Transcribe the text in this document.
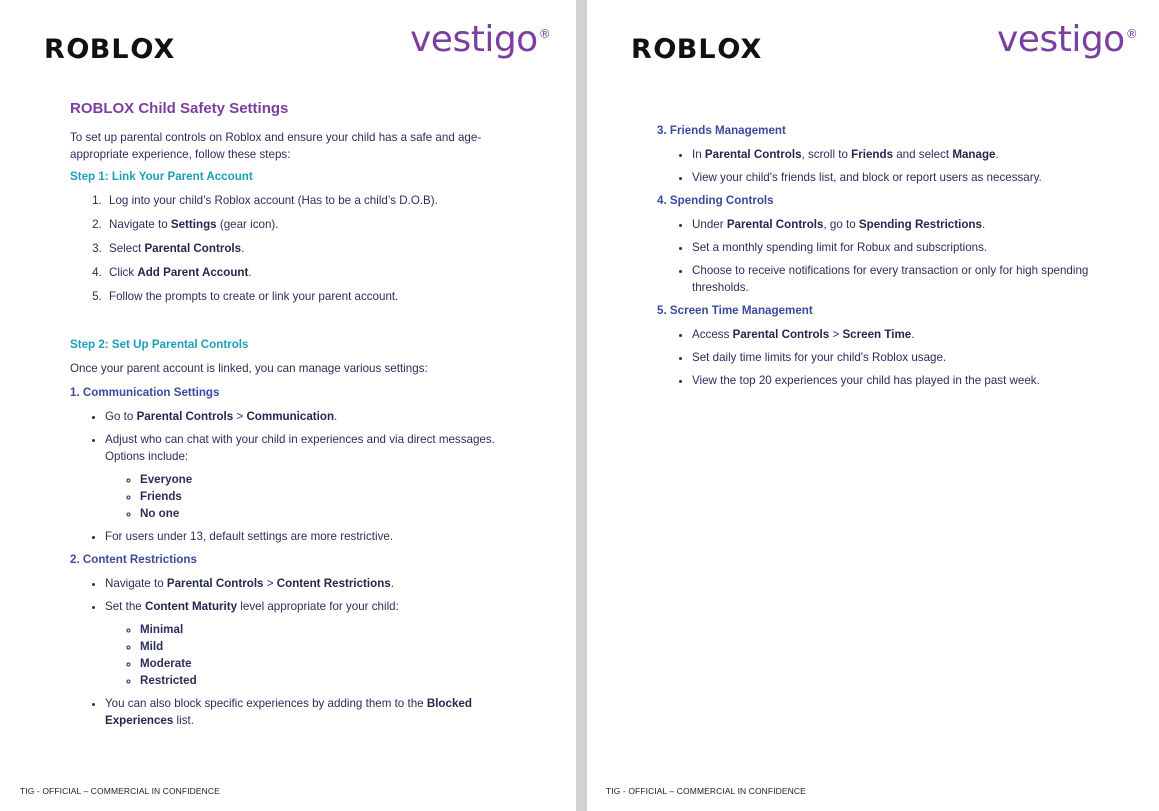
ROBLOX	vestigo®
ROBLOX Child Safety Settings

To set up parental controls on Roblox and ensure your child has a safe and age-appropriate experience, follow these steps:

Step 1: Link Your Parent Account
1. Log into your child’s Roblox account (Has to be a child’s D.O.B).
2. Navigate to Settings (gear icon).
3. Select Parental Controls.
4. Click Add Parent Account.
5. Follow the prompts to create or link your parent account.
Step 2: Set Up Parental Controls

Once your parent account is linked, you can manage various settings:

1. Communication Settings
• Go to Parental Controls > Communication.
• Adjust who can chat with your child in experiences and via direct messages. Options include:
◦ Everyone
◦ Friends
◦ No one
• For users under 13, default settings are more restrictive.
2. Content Restrictions
• Navigate to Parental Controls > Content Restrictions.
• Set the Content Maturity level appropriate for your child:
◦ Minimal
◦ Mild
◦ Moderate
◦ Restricted
• You can also block specific experiences by adding them to the Blocked Experiences list.
TIG - OFFICIAL – COMMERCIAL IN CONFIDENCE
ROBLOX	vestigo®
3. Friends Management
• In Parental Controls, scroll to Friends and select Manage.
• View your child's friends list, and block or report users as necessary.
4. Spending Controls
• Under Parental Controls, go to Spending Restrictions.
• Set a monthly spending limit for Robux and subscriptions.
• Choose to receive notifications for every transaction or only for high spending thresholds.
5. Screen Time Management
• Access Parental Controls > Screen Time.
• Set daily time limits for your child's Roblox usage.
• View the top 20 experiences your child has played in the past week.
TIG - OFFICIAL – COMMERCIAL IN CONFIDENCE
